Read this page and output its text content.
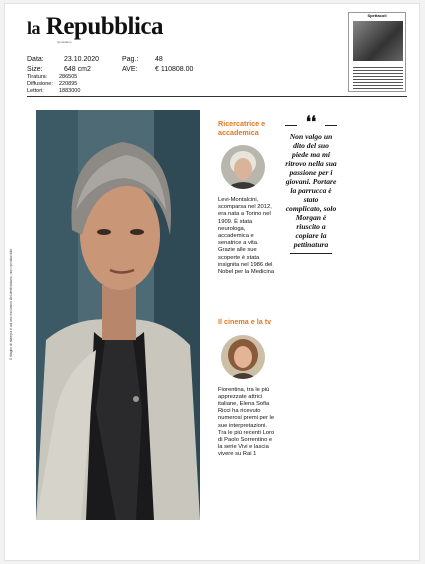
la Repubblica
Quotidiano
Data:	23.10.2020	Pag.:	48
Size:	648 cm2	AVE:	€ 110808.00
Tiratura:	286505
Diffusione:	220895
Lettori:	1883000
Spettacoli
Il ritaglio di stampa è ad uso esclusivo del destinatario, non riproducibile
Ricercatrice e accademica
Levi-Montalcini, scomparsa nel 2012, era nata a Torino nel 1909. È stata neurologa, accademica e senatrice a vita. Grazie alle sue scoperte è stata insignita nel 1986 del Nobel per la Medicina
Il cinema e la tv
Fiorentina, tra le più apprezzate attrici italiane, Elena Sofia Ricci ha ricevuto numerosi premi per le sue interpretazioni. Tra le più recenti Loro di Paolo Sorrentino e la serie Vivi e lascia vivere su Rai 1
❛❛
Non valgo un dito del suo piede ma mi ritrovo nella sua passione per i giovani. Portare la parrucca è stato complicato, solo Morgan è riuscito a copiare la pettinatura
